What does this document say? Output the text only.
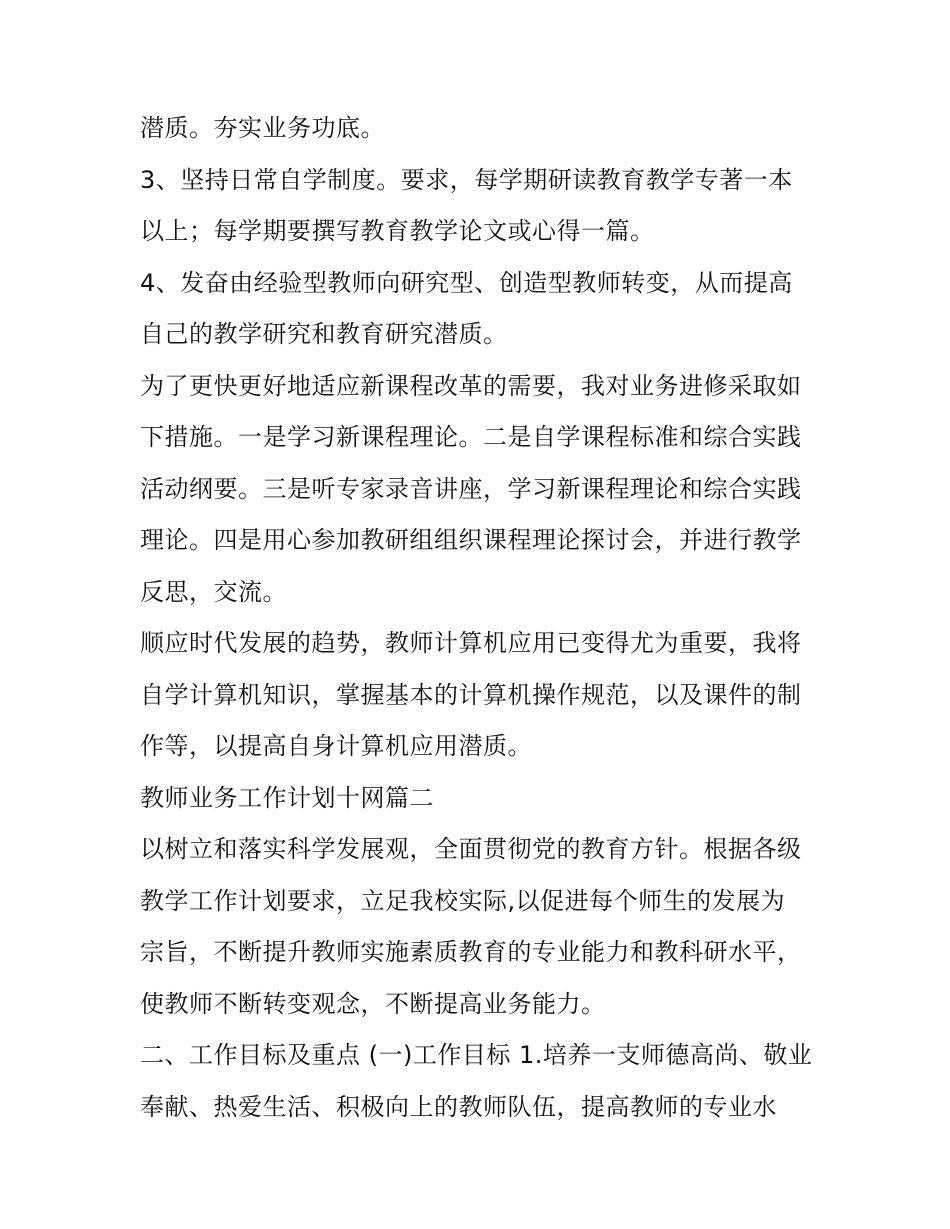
潜质。夯实业务功底。
3、坚持日常自学制度。要求，每学期研读教育教学专著一本
以上；每学期要撰写教育教学论文或心得一篇。
4、发奋由经验型教师向研究型、创造型教师转变，从而提高
自己的教学研究和教育研究潜质。
为了更快更好地适应新课程改革的需要，我对业务进修采取如
下措施。一是学习新课程理论。二是自学课程标准和综合实践
活动纲要。三是听专家录音讲座，学习新课程理论和综合实践
理论。四是用心参加教研组组织课程理论探讨会，并进行教学
反思，交流。
顺应时代发展的趋势，教师计算机应用已变得尤为重要，我将
自学计算机知识，掌握基本的计算机操作规范，以及课件的制
作等，以提高自身计算机应用潜质。
教师业务工作计划十网篇二
以树立和落实科学发展观，全面贯彻党的教育方针。根据各级
教学工作计划要求，立足我校实际,以促进每个师生的发展为
宗旨，不断提升教师实施素质教育的专业能力和教科研水平，
使教师不断转变观念，不断提高业务能力。
二、工作目标及重点 (一)工作目标 1.培养一支师德高尚、敬业
奉献、热爱生活、积极向上的教师队伍，提高教师的专业水
